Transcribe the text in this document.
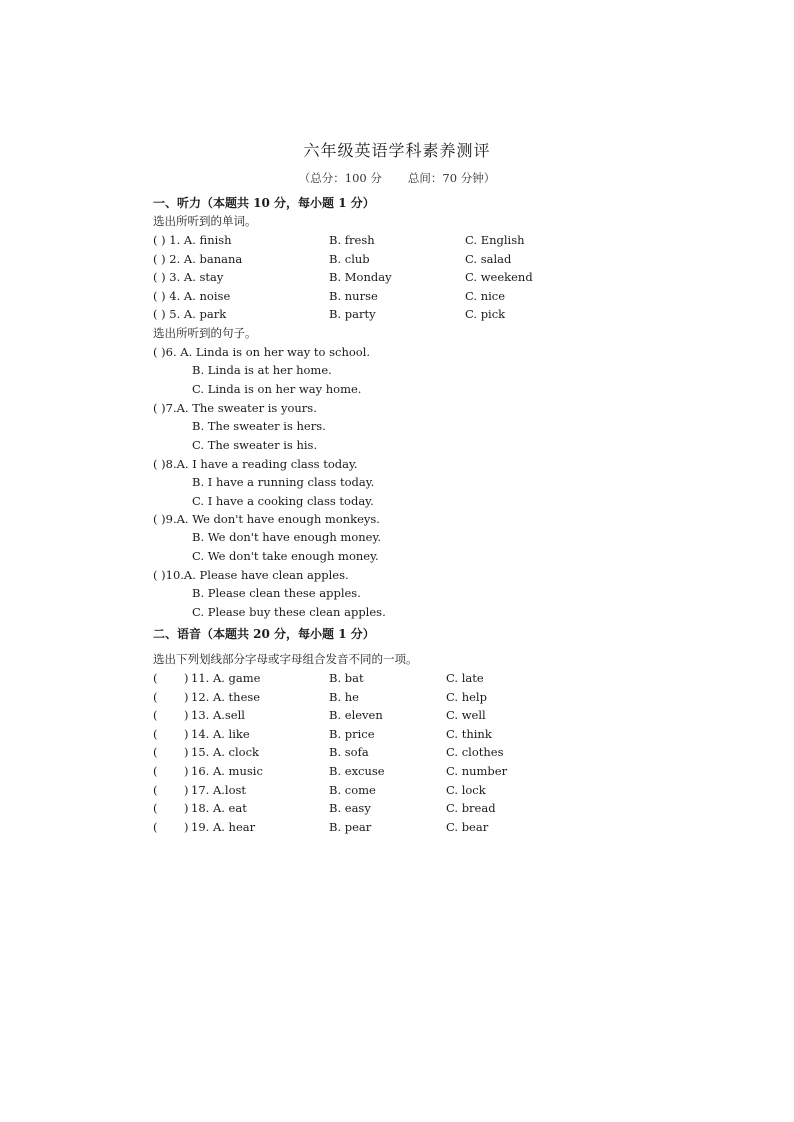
六年级英语学科素养测评
（总分：100 分 总间：70 分钟）
一、听力（本题共 10 分，每小题 1 分）
选出所听到的单词。
( ) 1. A. finish	B. fresh	C. English
( ) 2. A. banana	B. club	C. salad
( ) 3. A. stay	B. Monday	C. weekend
( ) 4. A. noise	B. nurse	C. nice
( ) 5. A. park	B. party	C. pick
选出所听到的句子。
( )6. A. Linda is on her way to school.
B. Linda is at her home.
C. Linda is on her way home.
( )7.A. The sweater is yours.
B. The sweater is hers.
C. The sweater is his.
( )8.A. I have a reading class today.
B. I have a running class today.
C. I have a cooking class today.
( )9.A. We don't have enough monkeys.
B. We don't have enough money.
C. We don't take enough money.
( )10.A. Please have clean apples.
B. Please clean these apples.
C. Please buy these clean apples.
二、语音（本题共 20 分，每小题 1 分）
选出下列划线部分字母或字母组合发音不同的一项。
( ) 11. A. game	B. bat	C. late
( ) 12. A. these	B. he	C. help
( ) 13. A.sell	B. eleven	C. well
( ) 14. A. like	B. price	C. think
( ) 15. A. clock	B. sofa	C. clothes
( ) 16. A. music	B. excuse	C. number
( ) 17. A.lost	B. come	C. lock
( ) 18. A. eat	B. easy	C. bread
( ) 19. A. hear	B. pear	C. bear
